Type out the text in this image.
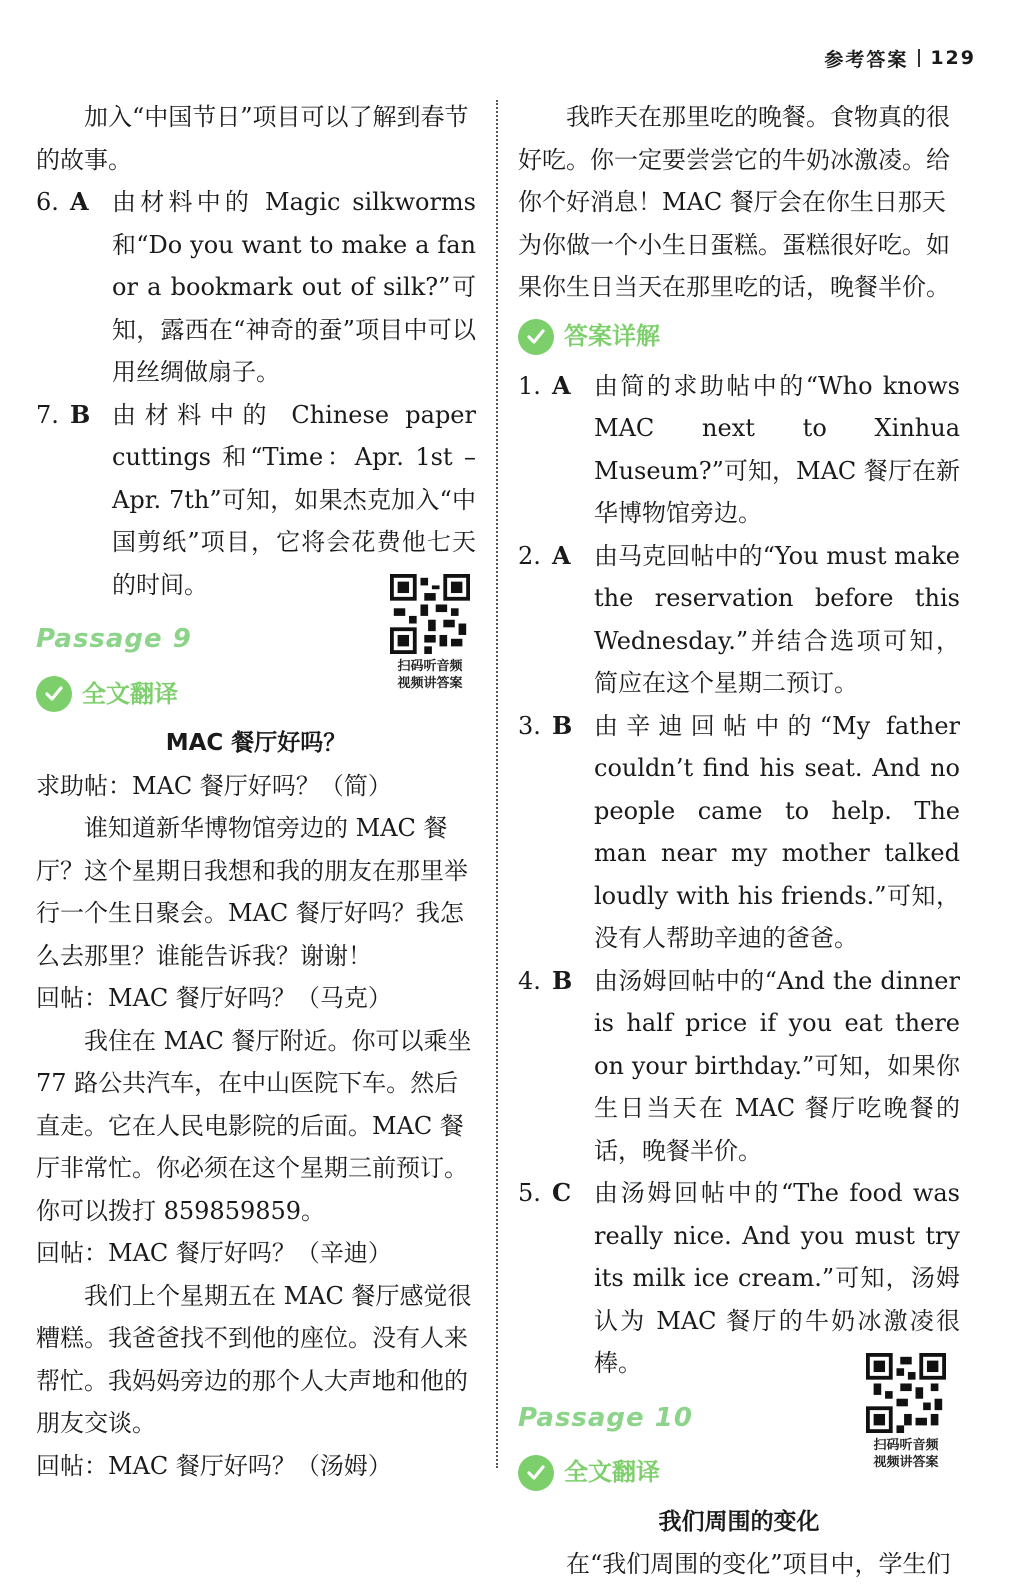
参考答案 129

加入“中国节日”项目可以了解到春节的故事。

6. A 由材料中的 Magic silkworms 和“Do you want to make a fan or a bookmark out of silk?”可知，露西在“神奇的蚕”项目中可以用丝绸做扇子。
7. B 由材料中的 Chinese paper cuttings 和“Time：Apr. 1st – Apr. 7th”可知，如果杰克加入“中国剪纸”项目，它将会花费他七天的时间。
Passage 9
全文翻译
扫码听音频
视频讲答案

MAC 餐厅好吗？

求助帖：MAC 餐厅好吗？（简）

谁知道新华博物馆旁边的 MAC 餐厅？这个星期日我想和我的朋友在那里举行一个生日聚会。MAC 餐厅好吗？我怎么去那里？谁能告诉我？谢谢！

回帖：MAC 餐厅好吗？（马克）

我住在 MAC 餐厅附近。你可以乘坐 77 路公共汽车，在中山医院下车。然后直走。它在人民电影院的后面。MAC 餐厅非常忙。你必须在这个星期三前预订。你可以拨打 859859859。

回帖：MAC 餐厅好吗？（辛迪）

我们上个星期五在 MAC 餐厅感觉很糟糕。我爸爸找不到他的座位。没有人来帮忙。我妈妈旁边的那个人大声地和他的朋友交谈。

回帖：MAC 餐厅好吗？（汤姆）

我昨天在那里吃的晚餐。食物真的很好吃。你一定要尝尝它的牛奶冰激凌。给你个好消息！MAC 餐厅会在你生日那天为你做一个小生日蛋糕。蛋糕很好吃。如果你生日当天在那里吃的话，晚餐半价。

答案详解
1. A 由简的求助帖中的“Who knows MAC next to Xinhua Museum?”可知，MAC 餐厅在新华博物馆旁边。
2. A 由马克回帖中的“You must make the reservation before this Wednesday.”并结合选项可知，简应在这个星期二预订。
3. B 由辛迪回帖中的“My father couldn’t find his seat. And no people came to help. The man near my mother talked loudly with his friends.”可知，没有人帮助辛迪的爸爸。
4. B 由汤姆回帖中的“And the dinner is half price if you eat there on your birthday.”可知，如果你生日当天在 MAC 餐厅吃晚餐的话，晚餐半价。
5. C 由汤姆回帖中的“The food was really nice. And you must try its milk ice cream.”可知，汤姆认为 MAC 餐厅的牛奶冰激凌很棒。
Passage 10
全文翻译
扫码听音频
视频讲答案

我们周围的变化

在“我们周围的变化”项目中，学生们
